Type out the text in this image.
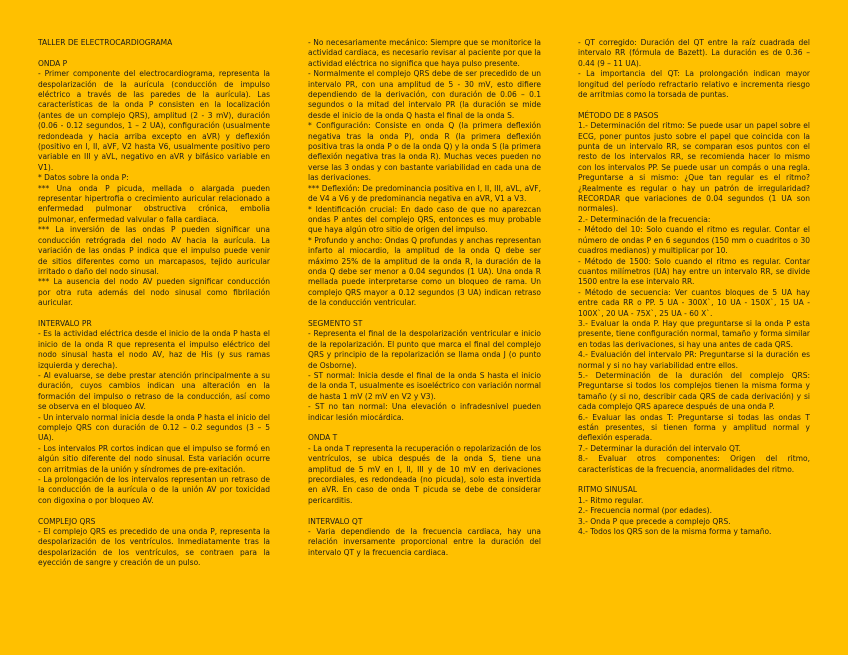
TALLER DE ELECTROCARDIOGRAMA
ONDA P
- Primer componente del electrocardiograma, representa la despolarización de la aurícula (conducción de impulso eléctrico a través de las paredes de la aurícula). Las características de la onda P consisten en la localización (antes de un complejo QRS), amplitud (2 - 3 mV), duración (0.06 - 0.12 segundos, 1 – 2 UA), configuración (usualmente redondeada y hacia arriba excepto en aVR) y deflexión (positivo en I, II, aVF, V2 hasta V6, usualmente positivo pero variable en III y aVL, negativo en aVR y bifásico variable en V1).
* Datos sobre la onda P:
*** Una onda P picuda, mellada o alargada pueden representar hipertrofia o crecimiento auricular relacionado a enfermedad pulmonar obstructiva crónica, embolia pulmonar, enfermedad valvular o falla cardiaca.
*** La inversión de las ondas P pueden significar una conducción retrógrada del nodo AV hacia la aurícula. La variación de las ondas P indica que el impulso puede venir de sitios diferentes como un marcapasos, tejido auricular irritado o daño del nodo sinusal.
*** La ausencia del nodo AV pueden significar conducción por otra ruta además del nodo sinusal como fibrilación auricular.
INTERVALO PR
- Es la actividad eléctrica desde el inicio de la onda P hasta el inicio de la onda R que representa el impulso eléctrico del nodo sinusal hasta el nodo AV, haz de His (y sus ramas izquierda y derecha).
- Al evaluarse, se debe prestar atención principalmente a su duración, cuyos cambios indican una alteración en la formación del impulso o retraso de la conducción, así como se observa en el bloqueo AV.
- Un intervalo normal inicia desde la onda P hasta el inicio del complejo QRS con duración de 0.12 – 0.2 segundos (3 – 5 UA).
- Los intervalos PR cortos indican que el impulso se formó en algún sitio diferente del nodo sinusal. Esta variación ocurre con arritmias de la unión y síndromes de pre-exitación.
- La prolongación de los intervalos representan un retraso de la conducción de la aurícula o de la unión AV por toxicidad con digoxina o por bloqueo AV.
COMPLEJO QRS
- El complejo QRS es precedido de una onda P, representa la despolarización de los ventrículos. Inmediatamente tras la despolarización de los ventrículos, se contraen para la eyección de sangre y creación de un pulso.
- No necesariamente mecánico: Siempre que se monitorice la actividad cardiaca, es necesario revisar al paciente por que la actividad eléctrica no significa que haya pulso presente.
- Normalmente el complejo QRS debe de ser precedido de un intervalo PR, con una amplitud de 5 - 30 mV, esto difiere dependiendo de la derivación, con duración de 0.06 – 0.1 segundos o la mitad del intervalo PR (la duración se mide desde el inicio de la onda Q hasta el final de la onda S.
* Configuración: Consiste en onda Q (la primera deflexión negativa tras la onda P), onda R (la primera deflexión positiva tras la onda P o de la onda Q) y la onda S (la primera deflexión negativa tras la onda R). Muchas veces pueden no verse las 3 ondas y con bastante variabilidad en cada una de las derivaciones.
*** Deflexión: De predominancia positiva en I, II, III, aVL, aVF, de V4 a V6 y de predominancia negativa en aVR, V1 a V3.
* Identificación crucial: En dado caso de que no aparezcan ondas P antes del complejo QRS, entonces es muy probable que haya algún otro sitio de origen del impulso.
* Profundo y ancho: Ondas Q profundas y anchas representan infarto al miocardio, la amplitud de la onda Q debe ser máximo 25% de la amplitud de la onda R, la duración de la onda Q debe ser menor a 0.04 segundos (1 UA). Una onda R mellada puede interpretarse como un bloqueo de rama. Un complejo QRS mayor a 0.12 segundos (3 UA) indican retraso de la conducción ventricular.
SEGMENTO ST
- Representa el final de la despolarización ventricular e inicio de la repolarización. El punto que marca el final del complejo QRS y principio de la repolarización se llama onda J (o punto de Osborne).
- ST normal: Inicia desde el final de la onda S hasta el inicio de la onda T, usualmente es isoeléctrico con variación normal de hasta 1 mV (2 mV en V2 y V3).
- ST no tan normal: Una elevación o infradesnivel pueden indicar lesión miocárdica.
ONDA T
- La onda T representa la recuperación o repolarización de los ventrículos, se ubica después de la onda S, tiene una amplitud de 5 mV en I, II, III y de 10 mV en derivaciones precordiales, es redondeada (no picuda), solo esta invertida en aVR. En caso de onda T picuda se debe de considerar pericarditis.
INTERVALO QT
- Varia dependiendo de la frecuencia cardiaca, hay una relación inversamente proporcional entre la duración del intervalo QT y la frecuencia cardiaca.
- QT corregido: Duración del QT entre la raíz cuadrada del intervalo RR (fórmula de Bazett). La duración es de 0.36 – 0.44 (9 – 11 UA).
- La importancia del QT: La prolongación indican mayor longitud del período refractario relativo e incrementa riesgo de arritmias como la torsada de puntas.
MÉTODO DE 8 PASOS
1.- Determinación del ritmo: Se puede usar un papel sobre el ECG, poner puntos justo sobre el papel que coincida con la punta de un intervalo RR, se comparan esos puntos con el resto de los intervalos RR, se recomienda hacer lo mismo con los intervalos PP. Se puede usar un compás o una regla. Preguntarse a si mismo: ¿Que tan regular es el ritmo? ¿Realmente es regular o hay un patrón de irregularidad? RECORDAR que variaciones de 0.04 segundos (1 UA son normales).
2.- Determinación de la frecuencia:
- Método del 10: Solo cuando el ritmo es regular. Contar el número de ondas P en 6 segundos (150 mm o cuadritos o 30 cuadros medianos) y multiplicar por 10.
- Método de 1500: Solo cuando el ritmo es regular. Contar cuantos milímetros (UA) hay entre un intervalo RR, se divide 1500 entre la ese intervalo RR.
- Método de secuencia: Ver cuantos bloques de 5 UA hay entre cada RR o PP. 5 UA - 300X`, 10 UA - 150X`, 15 UA - 100X`, 20 UA - 75X`, 25 UA - 60 X`.
3.- Evaluar la onda P. Hay que preguntarse si la onda P esta presente, tiene configuración normal, tamaño y forma similar en todas las derivaciones, si hay una antes de cada QRS.
4.- Evaluación del intervalo PR: Preguntarse si la duración es normal y si no hay variabilidad entre ellos.
5.- Determinación de la duración del complejo QRS: Preguntarse si todos los complejos tienen la misma forma y tamaño (y si no, describir cada QRS de cada derivación) y si cada complejo QRS aparece después de una onda P.
6.- Evaluar las ondas T: Preguntarse si todas las ondas T están presentes, si tienen forma y amplitud normal y deflexión esperada.
7.- Determinar la duración del intervalo QT.
8.- Evaluar otros componentes: Origen del ritmo, características de la frecuencia, anormalidades del ritmo.
RITMO SINUSAL
1.- Ritmo regular.
2.- Frecuencia normal (por edades).
3.- Onda P que precede a complejo QRS.
4.- Todos los QRS son de la misma forma y tamaño.
